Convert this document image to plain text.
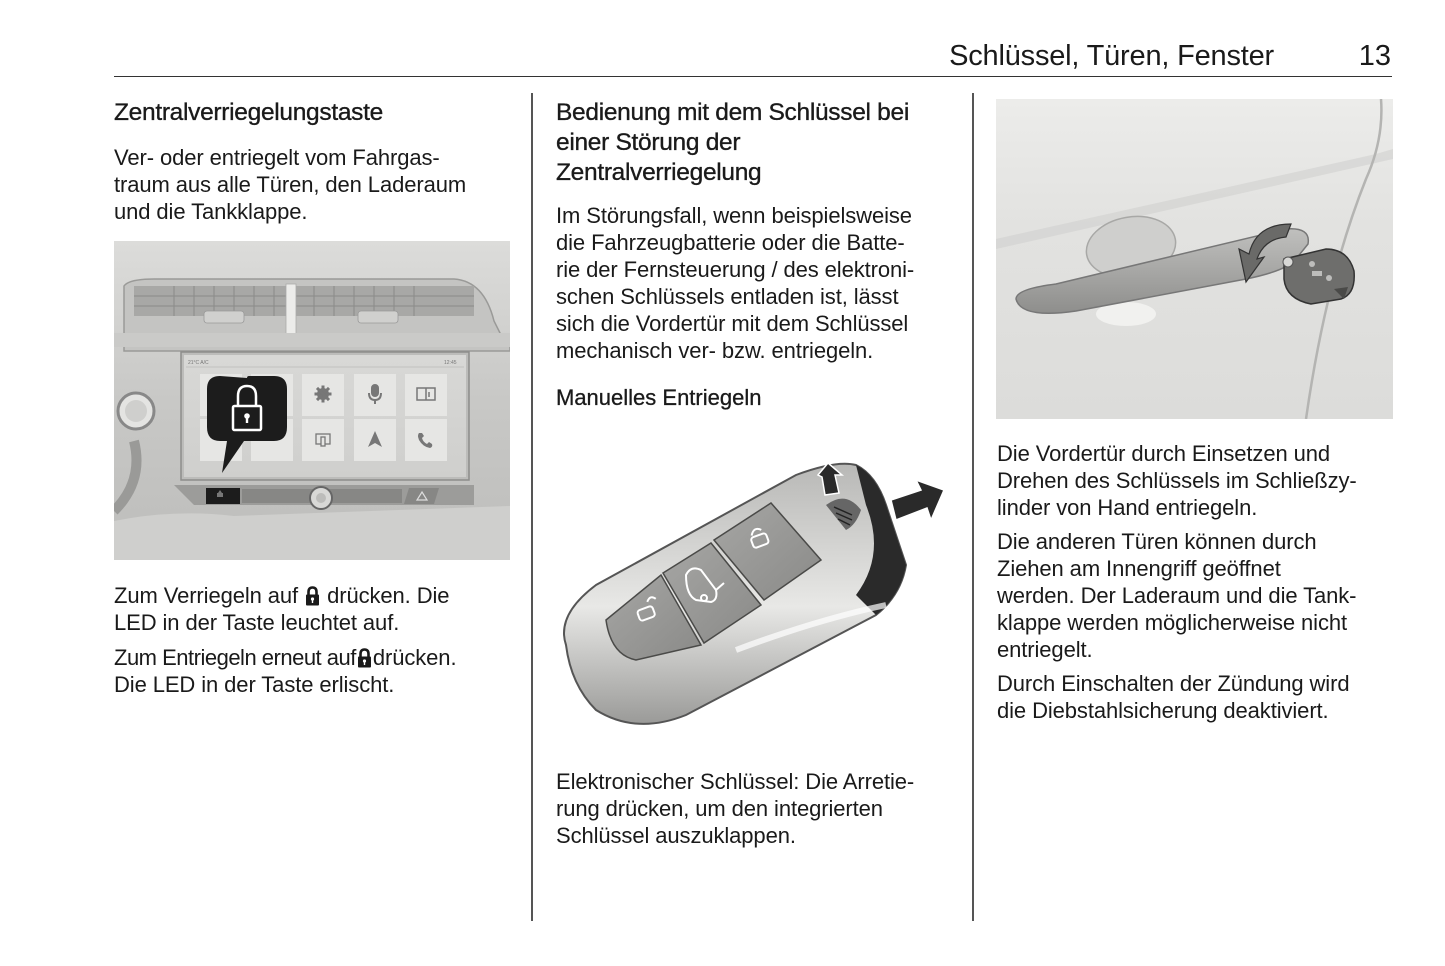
Schlüssel, Türen, Fenster	13
Zentralverriegelungstaste

Ver- oder entriegelt vom Fahrgas-

traum aus alle Türen, den Laderaum

und die Tankklappe.

21°C A/C	12:45

Zum Verriegeln auf drücken. Die

LED in der Taste leuchtet auf.

Zum Entriegeln erneut auf drücken.

Die LED in der Taste erlischt.

Bedienung mit dem Schlüssel bei
einer Störung der
Zentralverriegelung

Im Störungsfall, wenn beispielsweise

die Fahrzeugbatterie oder die Batte-

rie der Fernsteuerung / des elektroni-

schen Schlüssels entladen ist, lässt

sich die Vordertür mit dem Schlüssel

mechanisch ver- bzw. entriegeln.

Manuelles Entriegeln

Elektronischer Schlüssel: Die Arretie-

rung drücken, um den integrierten

Schlüssel auszuklappen.

Die Vordertür durch Einsetzen und

Drehen des Schlüssels im Schließzy-

linder von Hand entriegeln.

Die anderen Türen können durch

Ziehen am Innengriff geöffnet

werden. Der Laderaum und die Tank-

klappe werden möglicherweise nicht

entriegelt.

Durch Einschalten der Zündung wird

die Diebstahlsicherung deaktiviert.
